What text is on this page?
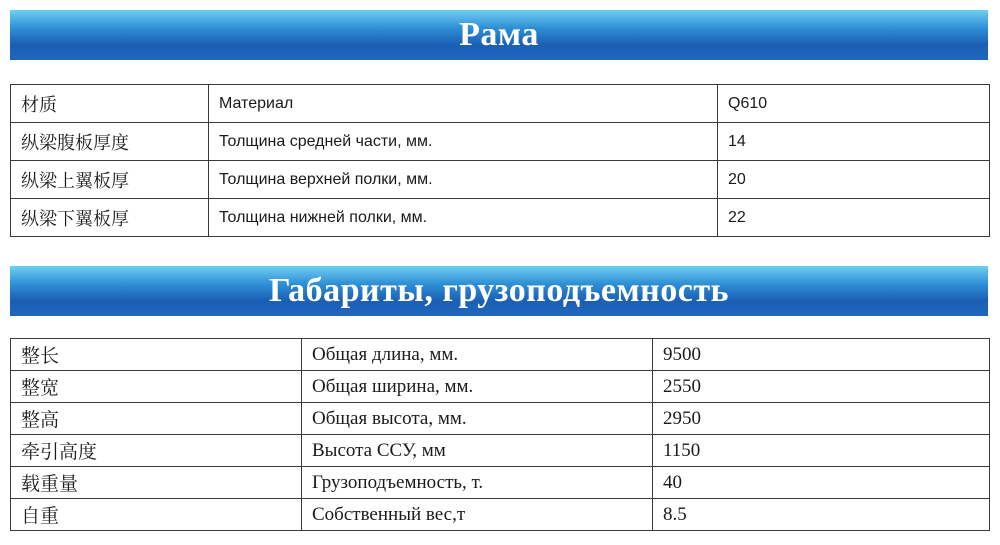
Рама
材质	Материал	Q610
纵梁腹板厚度	Толщина средней части, мм.	14
纵梁上翼板厚	Толщина верхней полки, мм.	20
纵梁下翼板厚	Толщина нижней полки, мм.	22
Габариты, грузоподъемность
整长	Общая длина, мм.	9500
整宽	Общая ширина, мм.	2550
整高	Общая высота, мм.	2950
牵引高度	Высота ССУ, мм	1150
载重量	Грузоподъемность, т.	40
自重	Собственный вес,т	8.5
